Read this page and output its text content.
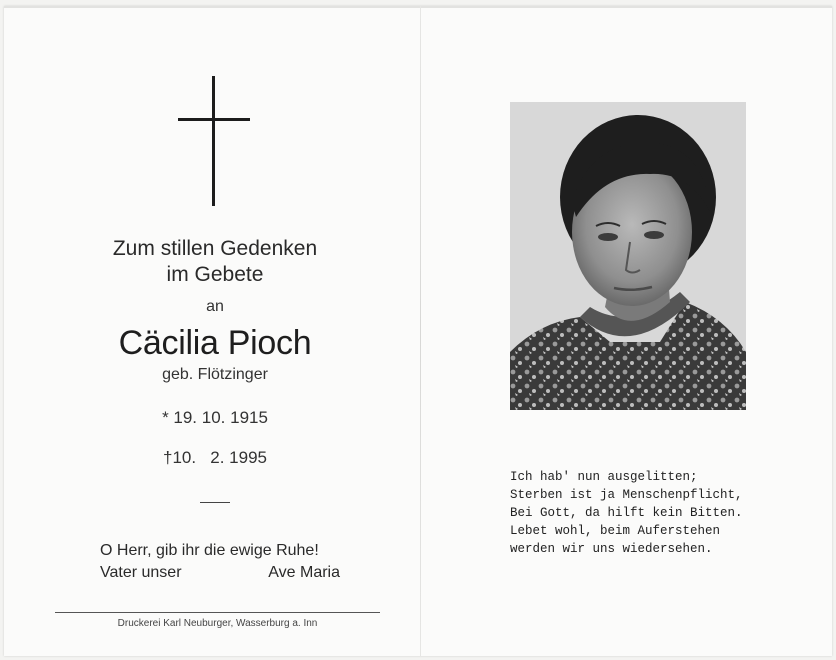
Zum stillen Gedenken
im Gebete
an
Cäcilia Pioch
geb. Flötzinger
* 19. 10. 1915
†10.   2. 1995
O Herr, gib ihr die ewige Ruhe!
Vater unser	Ave Maria
Druckerei Karl Neuburger, Wasserburg a. Inn
Ich hab' nun ausgelitten;
Sterben ist ja Menschenpflicht,
Bei Gott, da hilft kein Bitten.
Lebet wohl, beim Auferstehen
werden wir uns wiedersehen.
